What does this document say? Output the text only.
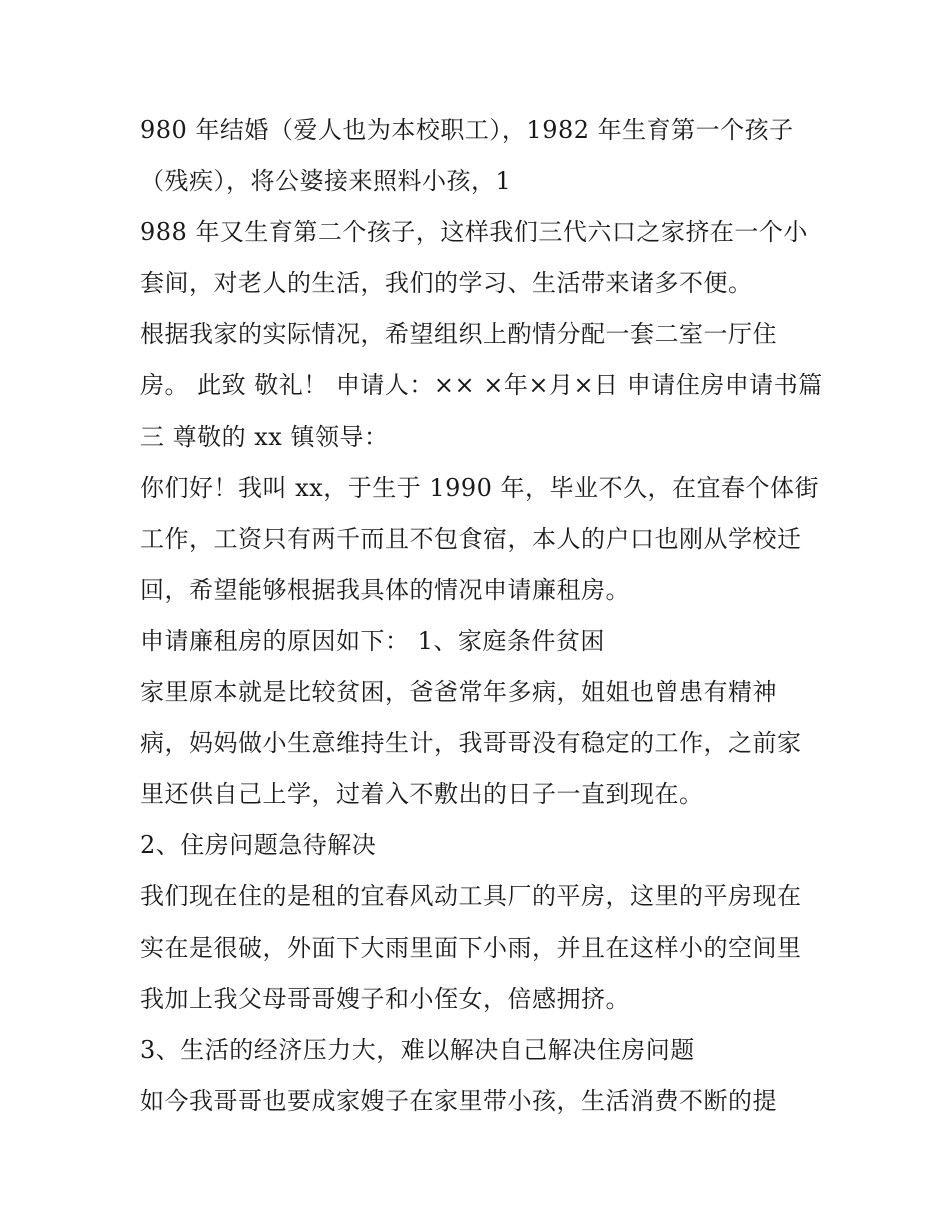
980 年结婚（爱人也为本校职工），1982 年生育第一个孩子
（残疾），将公婆接来照料小孩，1
988 年又生育第二个孩子，这样我们三代六口之家挤在一个小
套间，对老人的生活，我们的学习、生活带来诸多不便。
根据我家的实际情况，希望组织上酌情分配一套二室一厅住
房。 此致 敬礼！ 申请人：×× ×年×月×日 申请住房申请书篇
三 尊敬的 xx 镇领导：
你们好！我叫 xx，于生于 1990 年，毕业不久，在宜春个体街
工作，工资只有两千而且不包食宿，本人的户口也刚从学校迁
回，希望能够根据我具体的情况申请廉租房。
申请廉租房的原因如下： 1、家庭条件贫困
家里原本就是比较贫困，爸爸常年多病，姐姐也曾患有精神
病，妈妈做小生意维持生计，我哥哥没有稳定的工作，之前家
里还供自己上学，过着入不敷出的日子一直到现在。
2、住房问题急待解决
我们现在住的是租的宜春风动工具厂的平房，这里的平房现在
实在是很破，外面下大雨里面下小雨，并且在这样小的空间里
我加上我父母哥哥嫂子和小侄女，倍感拥挤。
3、生活的经济压力大，难以解决自己解决住房问题
如今我哥哥也要成家嫂子在家里带小孩，生活消费不断的提
